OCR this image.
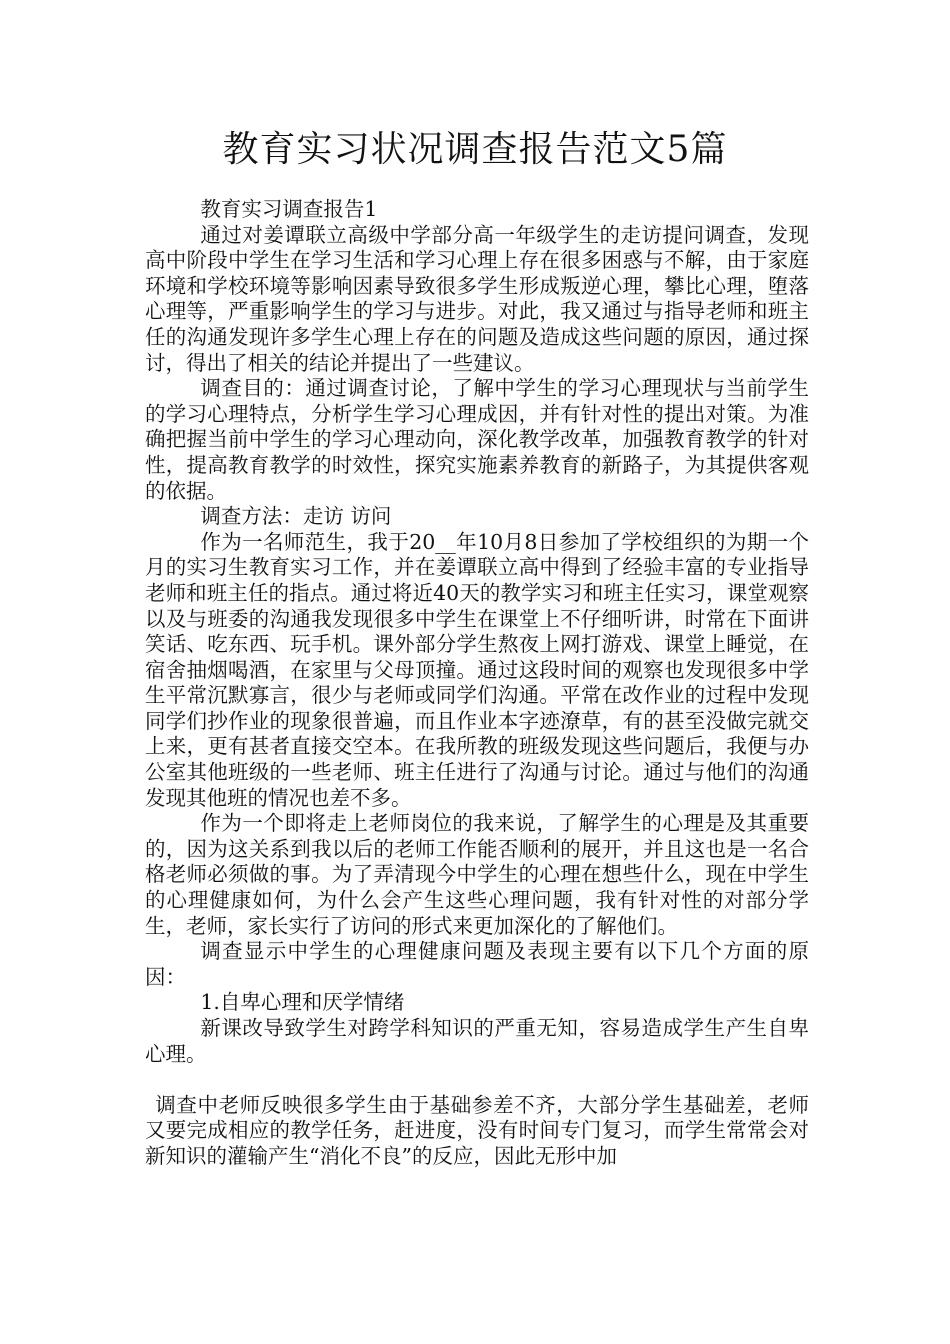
教育实习状况调查报告范文5篇

教育实习调查报告1

通过对姜谭联立高级中学部分高一年级学生的走访提问调查，发现高中阶段中学生在学习生活和学习心理上存在很多困惑与不解，由于家庭环境和学校环境等影响因素导致很多学生形成叛逆心理，攀比心理，堕落心理等，严重影响学生的学习与进步。对此，我又通过与指导老师和班主任的沟通发现许多学生心理上存在的问题及造成这些问题的原因，通过探讨，得出了相关的结论并提出了一些建议。

调查目的：通过调查讨论，了解中学生的学习心理现状与当前学生的学习心理特点，分析学生学习心理成因，并有针对性的提出对策。为准确把握当前中学生的学习心理动向，深化教学改革，加强教育教学的针对性，提高教育教学的时效性，探究实施素养教育的新路子，为其提供客观的依据。

调查方法：走访 访问

作为一名师范生，我于20__年10月8日参加了学校组织的为期一个月的实习生教育实习工作，并在姜谭联立高中得到了经验丰富的专业指导老师和班主任的指点。通过将近40天的教学实习和班主任实习，课堂观察以及与班委的沟通我发现很多中学生在课堂上不仔细听讲，时常在下面讲笑话、吃东西、玩手机。课外部分学生熬夜上网打游戏、课堂上睡觉，在宿舍抽烟喝酒，在家里与父母顶撞。通过这段时间的观察也发现很多中学生平常沉默寡言，很少与老师或同学们沟通。平常在改作业的过程中发现同学们抄作业的现象很普遍，而且作业本字迹潦草，有的甚至没做完就交上来，更有甚者直接交空本。在我所教的班级发现这些问题后，我便与办公室其他班级的一些老师、班主任进行了沟通与讨论。通过与他们的沟通发现其他班的情况也差不多。

作为一个即将走上老师岗位的我来说，了解学生的心理是及其重要的，因为这关系到我以后的老师工作能否顺利的展开，并且这也是一名合格老师必须做的事。为了弄清现今中学生的心理在想些什么，现在中学生的心理健康如何，为什么会产生这些心理问题，我有针对性的对部分学生，老师，家长实行了访问的形式来更加深化的了解他们。

调查显示中学生的心理健康问题及表现主要有以下几个方面的原因：

1.自卑心理和厌学情绪

新课改导致学生对跨学科知识的严重无知，容易造成学生产生自卑心理。

调查中老师反映很多学生由于基础参差不齐，大部分学生基础差，老师又要完成相应的教学任务，赶进度，没有时间专门复习，而学生常常会对新知识的灌输产生“消化不良”的反应，因此无形中加
